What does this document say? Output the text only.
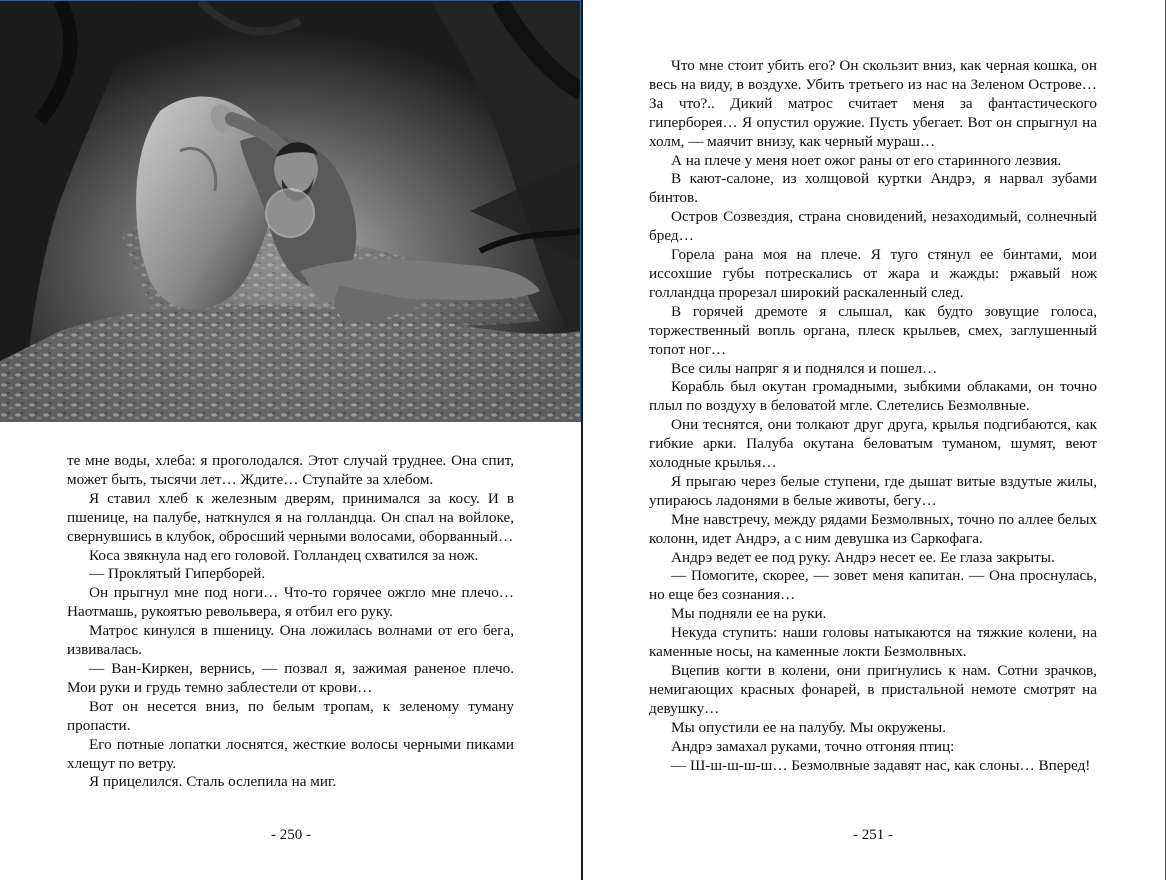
те мне воды, хлеба: я проголодался. Этот случай труднее. Она спит, может быть, тысячи лет… Ждите… Ступайте за хлебом.

Я ставил хлеб к железным дверям, принимался за косу. И в пшенице, на палубе, наткнулся я на голландца. Он спал на войлоке, свернувшись в клубок, обросший черными волосами, оборванный…

Коса звякнула над его головой. Голландец схватился за нож.

— Проклятый Гиперборей.

Он прыгнул мне под ноги… Что-то горячее ожгло мне плечо… Наотмашь, рукоятью револьвера, я отбил его руку.

Матрос кинулся в пшеницу. Она ложилась волнами от его бега, извивалась.

— Ван-Киркен, вернись, — позвал я, зажимая раненое плечо. Мои руки и грудь темно заблестели от крови…

Вот он несется вниз, по белым тропам, к зеленому туману пропасти.

Его потные лопатки лоснятся, жесткие волосы черными пиками хлещут по ветру.

Я прицелился. Сталь ослепила на миг.

- 250 -

Что мне стоит убить его? Он скользит вниз, как черная кошка, он весь на виду, в воздухе. Убить третьего из нас на Зеленом Острове… За что?.. Дикий матрос считает меня за фантастического гиперборея… Я опустил оружие. Пусть убегает. Вот он спрыгнул на холм, — маячит внизу, как черный мураш…

А на плече у меня ноет ожог раны от его старинного лезвия.

В кают-салоне, из холщовой куртки Андрэ, я нарвал зубами бинтов.

Остров Созвездия, страна сновидений, незаходимый, солнечный бред…

Горела рана моя на плече. Я туго стянул ее бинтами, мои иссохшие губы потрескались от жара и жажды: ржавый нож голландца прорезал широкий раскаленный след.

В горячей дремоте я слышал, как будто зовущие голоса, торжественный вопль органа, плеск крыльев, смех, заглушенный топот ног…

Все силы напряг я и поднялся и пошел…

Корабль был окутан громадными, зыбкими облаками, он точно плыл по воздуху в беловатой мгле. Слетелись Безмолвные.

Они теснятся, они толкают друг друга, крылья подгибаются, как гибкие арки. Палуба окутана беловатым туманом, шумят, веют холодные крылья…

Я прыгаю через белые ступени, где дышат витые вздутые жилы, упираюсь ладонями в белые животы, бегу…

Мне навстречу, между рядами Безмолвных, точно по аллее белых колонн, идет Андрэ, а с ним девушка из Саркофага.

Андрэ ведет ее под руку. Андрэ несет ее. Ее глаза закрыты.

— Помогите, скорее, — зовет меня капитан. — Она проснулась, но еще без сознания…

Мы подняли ее на руки.

Некуда ступить: наши головы натыкаются на тяжкие колени, на каменные носы, на каменные локти Безмолвных.

Вцепив когти в колени, они пригнулись к нам. Сотни зрачков, немигающих красных фонарей, в пристальной немоте смотрят на девушку…

Мы опустили ее на палубу. Мы окружены.

Андрэ замахал руками, точно отгоняя птиц:

— Ш-ш-ш-ш-ш… Безмолвные задавят нас, как слоны… Вперед!

- 251 -
